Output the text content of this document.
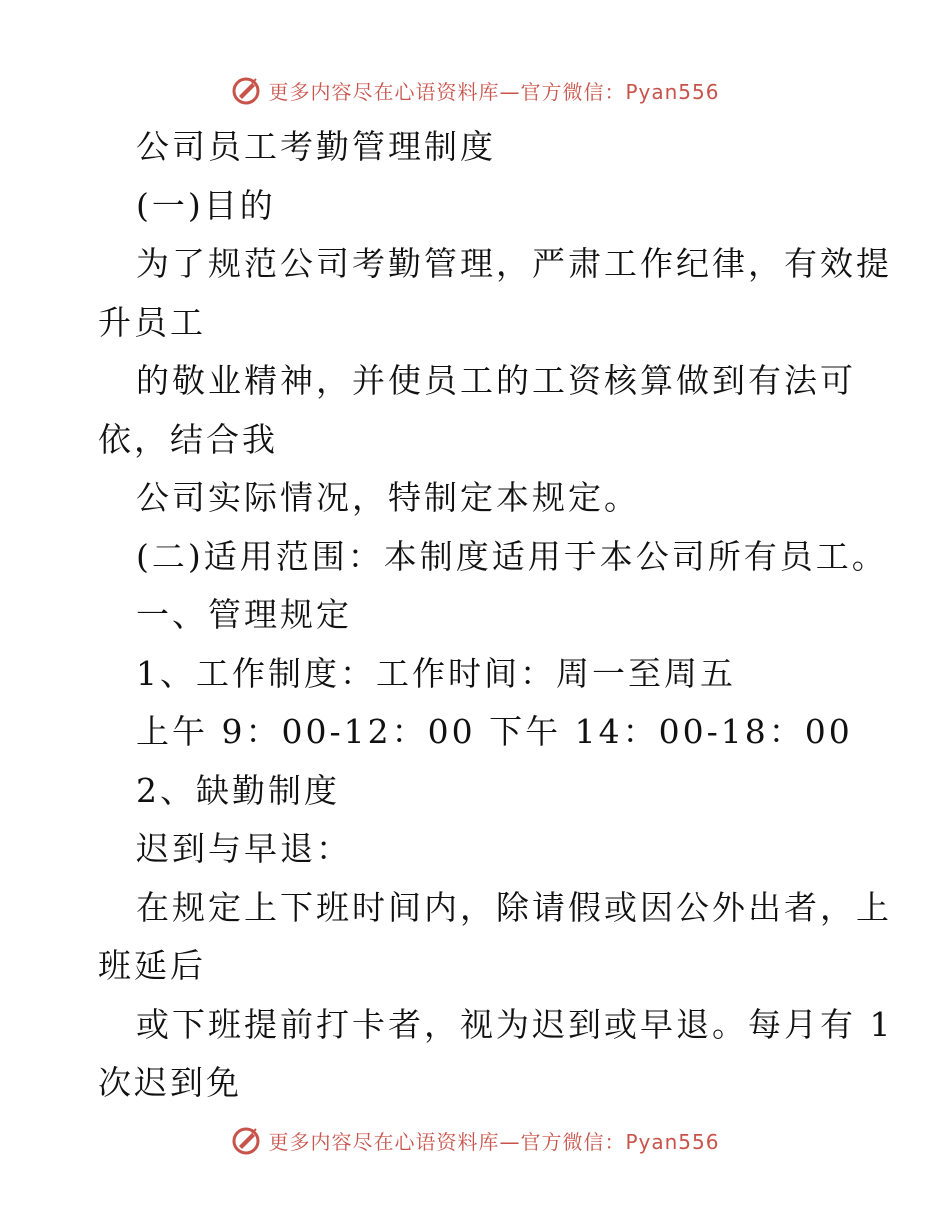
更多内容尽在心语资料库—官方微信：Pyan556
公司员工考勤管理制度
(一)目的
为了规范公司考勤管理，严肃工作纪律，有效提
升员工
的敬业精神，并使员工的工资核算做到有法可
依，结合我
公司实际情况，特制定本规定。
(二)适用范围：本制度适用于本公司所有员工。
一、管理规定
1、工作制度：工作时间：周一至周五
上午 9：00-12：00 下午 14：00-18：00
2、缺勤制度
迟到与早退：
在规定上下班时间内，除请假或因公外出者，上
班延后
或下班提前打卡者，视为迟到或早退。每月有 1
次迟到免
更多内容尽在心语资料库—官方微信：Pyan556
